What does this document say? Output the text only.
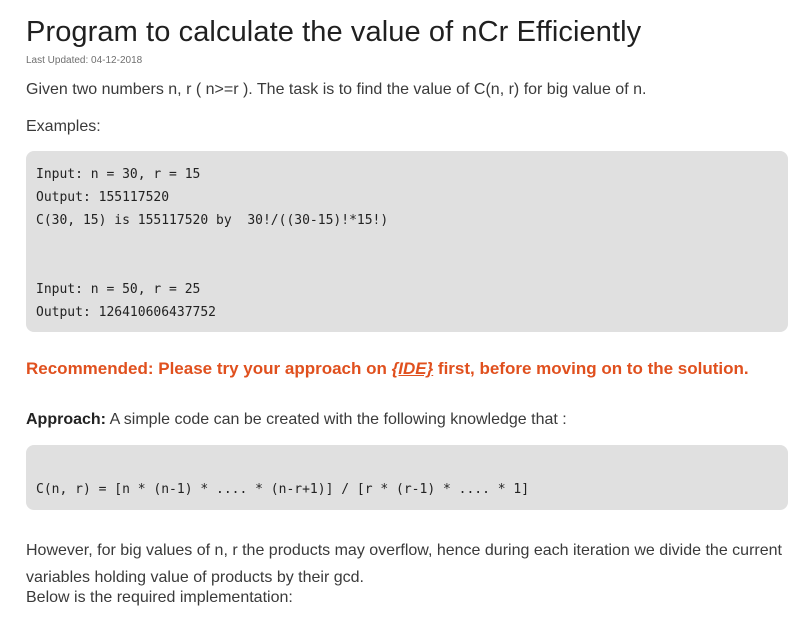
Program to calculate the value of nCr Efficiently
Last Updated: 04-12-2018

Given two numbers n, r ( n>=r ). The task is to find the value of C(n, r) for big value of n.

Examples:

Input: n = 30, r = 15
Output: 155117520
C(30, 15) is 155117520 by  30!/((30-15)!*15!)
Input: n = 50, r = 25
Output: 126410606437752
Recommended: Please try your approach on {IDE} first, before moving on to the solution.
Approach: A simple code can be created with the following knowledge that :
C(n, r) = [n * (n-1) * .... * (n-r+1)] / [r * (r-1) * .... * 1]

However, for big values of n, r the products may overflow, hence during each iteration we divide the current variables holding value of products by their gcd.

Below is the required implementation:
